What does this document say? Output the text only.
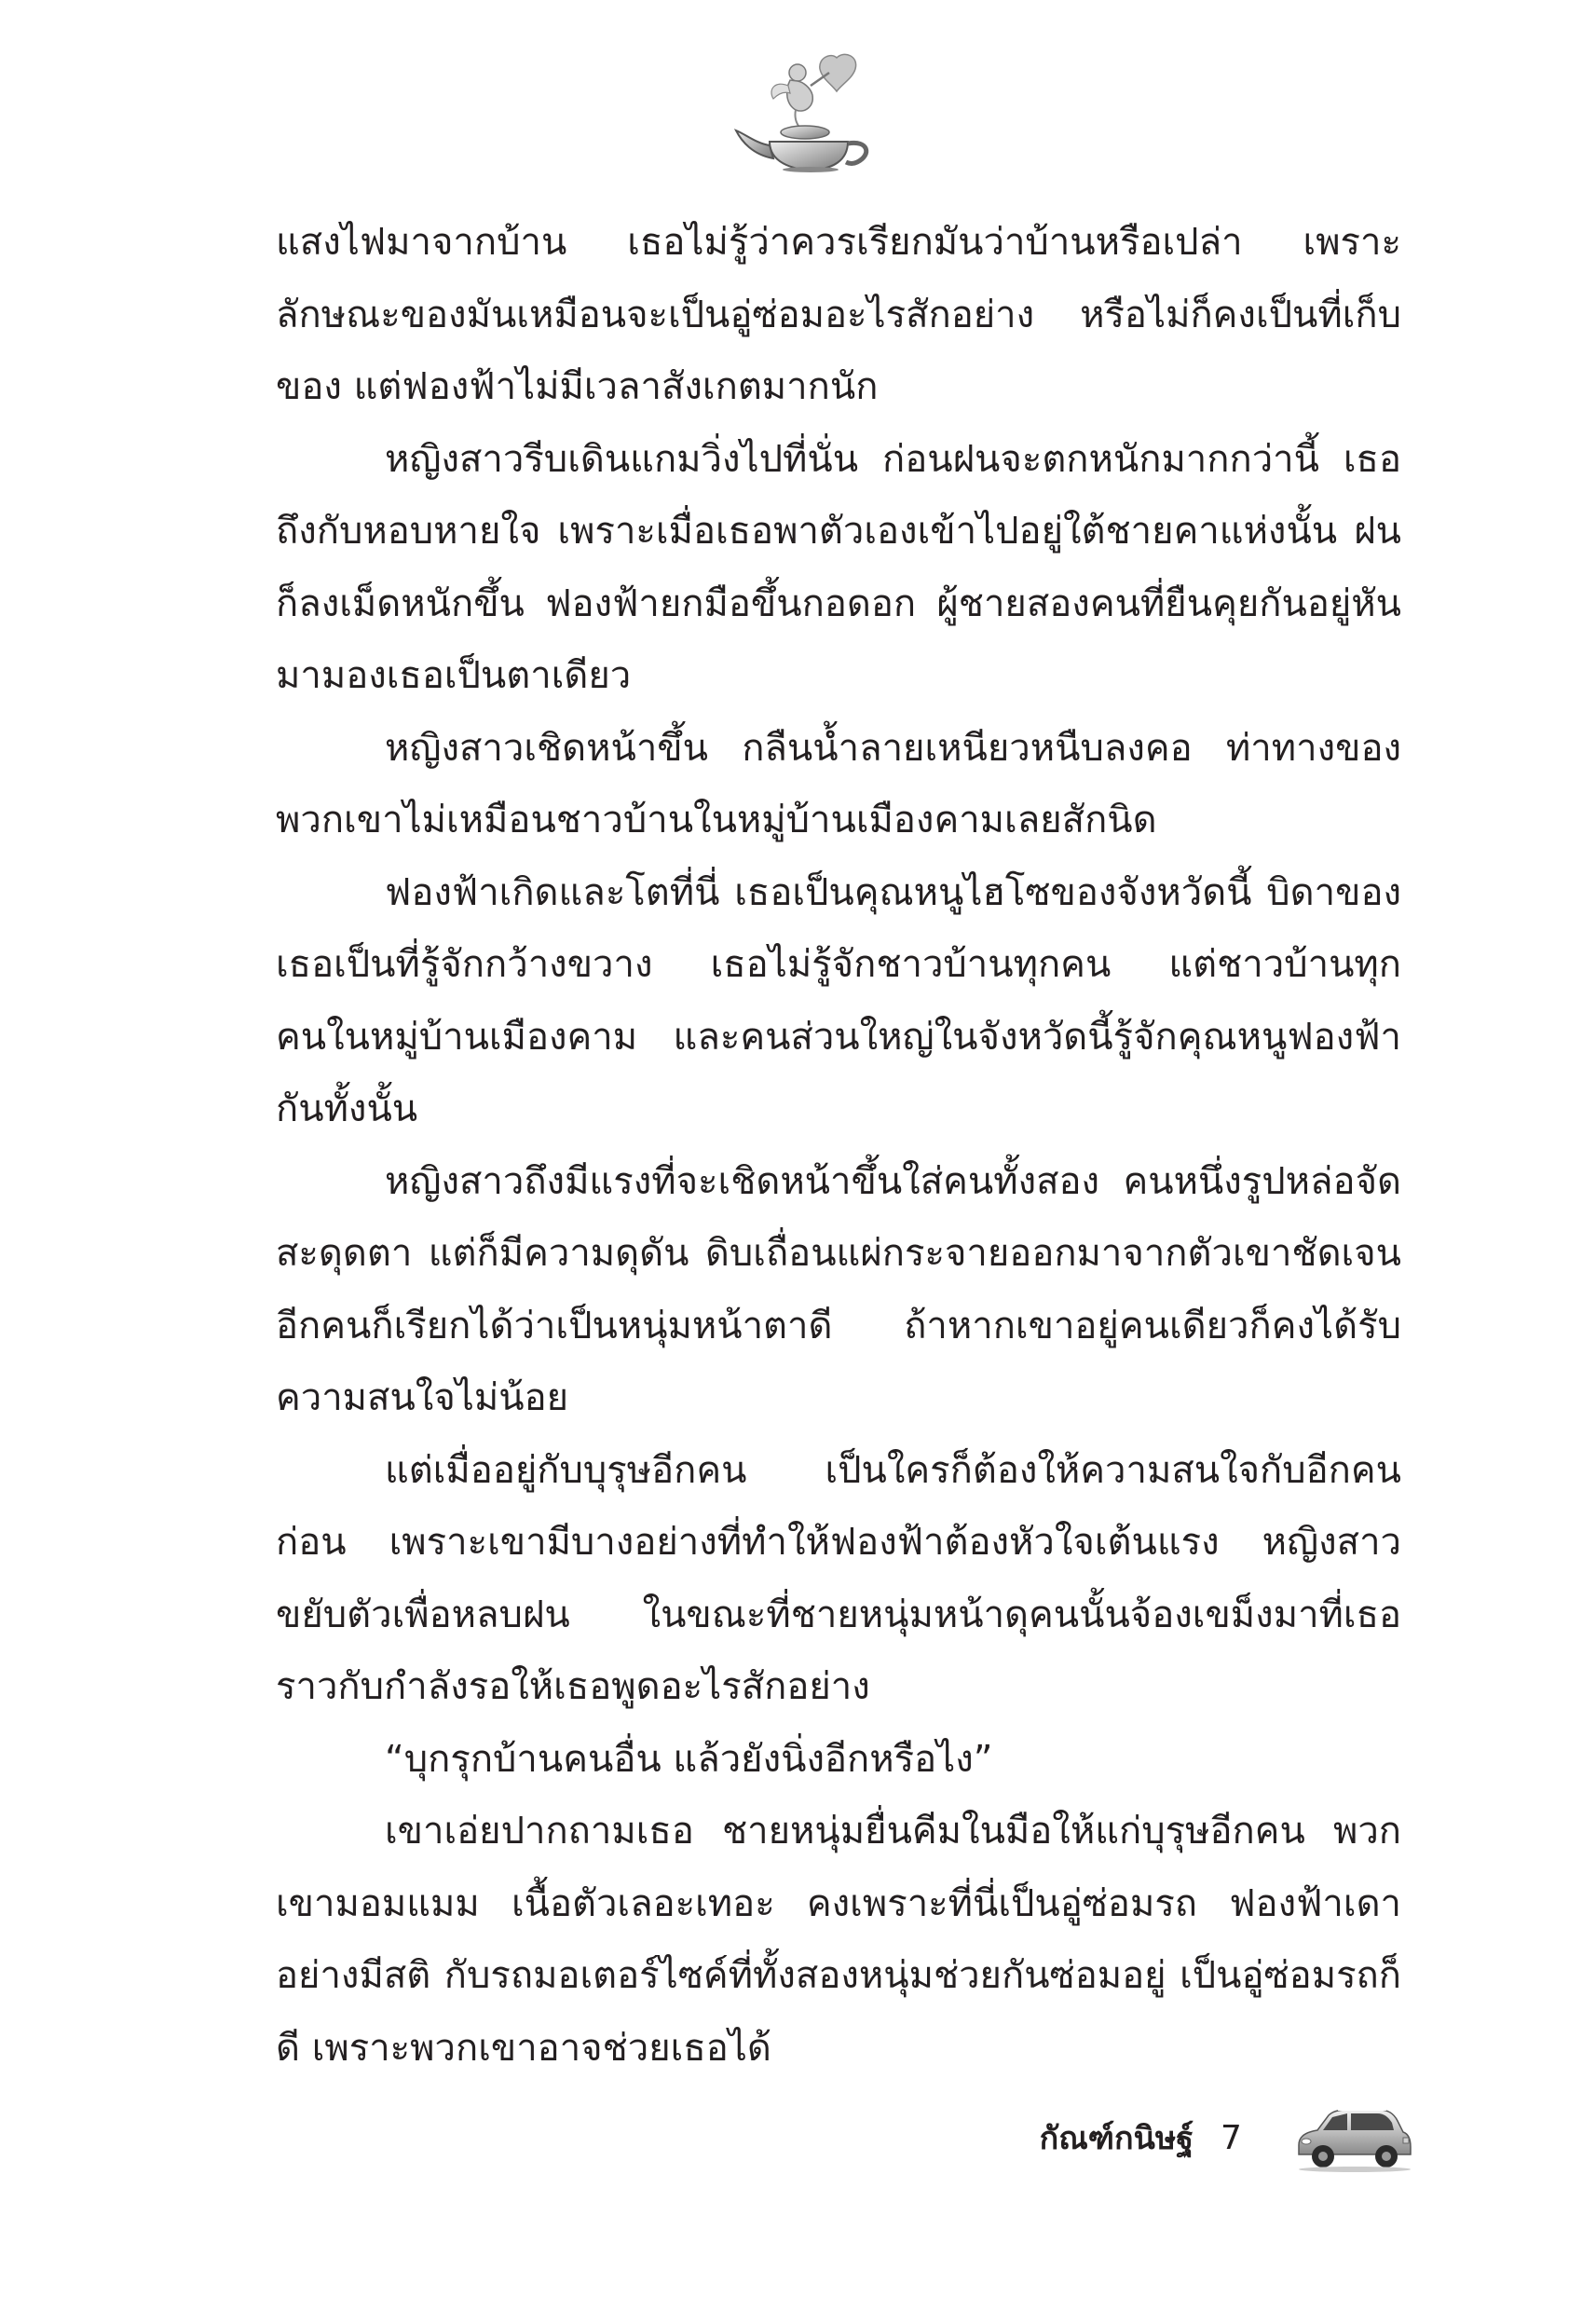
แสงไฟมาจากบ้าน เธอไม่รู้ว่าควรเรียกมันว่าบ้านหรือเปล่า เพราะลักษณะของมันเหมือนจะเป็นอู่ซ่อมอะไรสักอย่าง หรือไม่ก็คงเป็นที่เก็บของ แต่ฟองฟ้าไม่มีเวลาสังเกตมากนัก

หญิงสาวรีบเดินแกมวิ่งไปที่นั่น ก่อนฝนจะตกหนักมากกว่านี้ เธอถึงกับหอบหายใจ เพราะเมื่อเธอพาตัวเองเข้าไปอยู่ใต้ชายคาแห่งนั้น ฝนก็ลงเม็ดหนักขึ้น ฟองฟ้ายกมือขึ้นกอดอก ผู้ชายสองคนที่ยืนคุยกันอยู่หันมามองเธอเป็นตาเดียว

หญิงสาวเชิดหน้าขึ้น กลืนน้ำลายเหนียวหนืบลงคอ ท่าทางของพวกเขาไม่เหมือนชาวบ้านในหมู่บ้านเมืองคามเลยสักนิด

ฟองฟ้าเกิดและโตที่นี่ เธอเป็นคุณหนูไฮโซของจังหวัดนี้ บิดาของเธอเป็นที่รู้จักกว้างขวาง เธอไม่รู้จักชาวบ้านทุกคน แต่ชาวบ้านทุกคนในหมู่บ้านเมืองคาม และคนส่วนใหญ่ในจังหวัดนี้รู้จักคุณหนูฟองฟ้ากันทั้งนั้น

หญิงสาวถึงมีแรงที่จะเชิดหน้าขึ้นใส่คนทั้งสอง คนหนึ่งรูปหล่อจัดสะดุดตา แต่ก็มีความดุดัน ดิบเถื่อนแผ่กระจายออกมาจากตัวเขาชัดเจน อีกคนก็เรียกได้ว่าเป็นหนุ่มหน้าตาดี ถ้าหากเขาอยู่คนเดียวก็คงได้รับความสนใจไม่น้อย

แต่เมื่ออยู่กับบุรุษอีกคน เป็นใครก็ต้องให้ความสนใจกับอีกคนก่อน เพราะเขามีบางอย่างที่ทำให้ฟองฟ้าต้องหัวใจเต้นแรง หญิงสาวขยับตัวเพื่อหลบฝน ในขณะที่ชายหนุ่มหน้าดุคนนั้นจ้องเขม็งมาที่เธอราวกับกำลังรอให้เธอพูดอะไรสักอย่าง

“บุกรุกบ้านคนอื่น แล้วยังนิ่งอีกหรือไง”

เขาเอ่ยปากถามเธอ ชายหนุ่มยื่นคีมในมือให้แก่บุรุษอีกคน พวกเขามอมแมม เนื้อตัวเลอะเทอะ คงเพราะที่นี่เป็นอู่ซ่อมรถ ฟองฟ้าเดาอย่างมีสติ กับรถมอเตอร์ไซค์ที่ทั้งสองหนุ่มช่วยกันซ่อมอยู่ เป็นอู่ซ่อมรถก็ดี เพราะพวกเขาอาจช่วยเธอได้

กัณฑ์กนิษฐ์ 7
